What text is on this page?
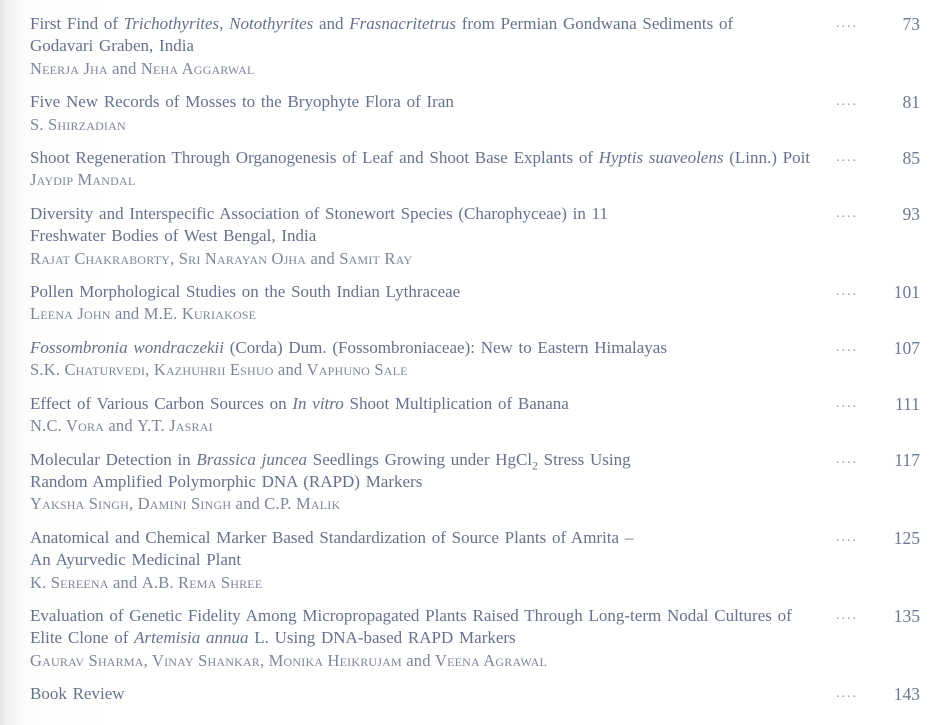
First Find of Trichothyrites, Notothyrites and Frasnacritetrus from Permian Gondwana Sediments of
Godavari Graben, India
Neerja Jha and Neha Aggarwal
....	73
Five New Records of Mosses to the Bryophyte Flora of Iran
S. Shirzadian
....	81
Shoot Regeneration Through Organogenesis of Leaf and Shoot Base Explants of Hyptis suaveolens (Linn.) Poit
Jaydip Mandal
....	85
Diversity and Interspecific Association of Stonewort Species (Charophyceae) in 11
Freshwater Bodies of West Bengal, India
Rajat Chakraborty, Sri Narayan Ojha and Samit Ray
....	93
Pollen Morphological Studies on the South Indian Lythraceae
Leena John and M.E. Kuriakose
....	101
Fossombronia wondraczekii (Corda) Dum. (Fossombroniaceae): New to Eastern Himalayas
S.K. Chaturvedi, Kazhuhrii Eshuo and Vaphuno Sale
....	107
Effect of Various Carbon Sources on In vitro Shoot Multiplication of Banana
N.C. Vora and Y.T. Jasrai
....	111
Molecular Detection in Brassica juncea Seedlings Growing under HgCl$_2$ Stress Using
Random Amplified Polymorphic DNA (RAPD) Markers
Yaksha Singh, Damini Singh and C.P. Malik
....	117
Anatomical and Chemical Marker Based Standardization of Source Plants of Amrita –
An Ayurvedic Medicinal Plant
K. Sereena and A.B. Rema Shree
....	125
Evaluation of Genetic Fidelity Among Micropropagated Plants Raised Through Long-term Nodal Cultures of
Elite Clone of Artemisia annua L. Using DNA-based RAPD Markers
Gaurav Sharma, Vinay Shankar, Monika Heikrujam and Veena Agrawal
....	135
Book Review	....	143
